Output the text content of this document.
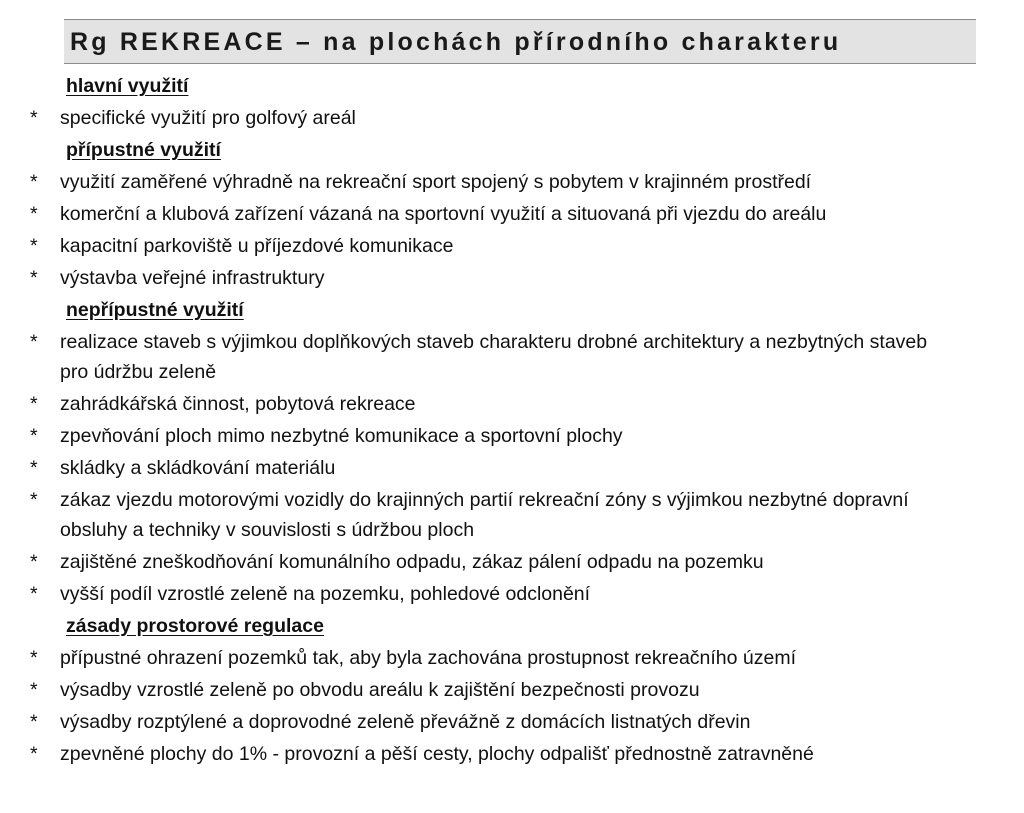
Rg REKREACE – na plochách přírodního charakteru
hlavní využití
* specifické využití pro golfový areál
přípustné využití
* využití zaměřené výhradně na rekreační sport spojený s pobytem v krajinném prostředí
* komerční a klubová zařízení vázaná na sportovní využití a situovaná při vjezdu do areálu
* kapacitní parkoviště u příjezdové komunikace
* výstavba veřejné infrastruktury
nepřípustné využití
* realizace staveb s výjimkou doplňkových staveb charakteru drobné architektury a nezbytných staveb pro údržbu zeleně
* zahrádkářská činnost, pobytová rekreace
* zpevňování ploch mimo nezbytné komunikace a sportovní plochy
* skládky a skládkování materiálu
* zákaz vjezdu motorovými vozidly do krajinných partií rekreační zóny s výjimkou nezbytné dopravní obsluhy a techniky v souvislosti s údržbou ploch
* zajištěné zneškodňování komunálního odpadu, zákaz pálení odpadu na pozemku
* vyšší podíl vzrostlé zeleně na pozemku, pohledové odclonění
zásady prostorové regulace
* přípustné ohrazení pozemků tak, aby byla zachována prostupnost rekreačního území
* výsadby vzrostlé zeleně po obvodu areálu k zajištění bezpečnosti provozu
* výsadby rozptýlené a doprovodné zeleně převážně z domácích listnatých dřevin
* zpevněné plochy do 1% - provozní a pěší cesty, plochy odpališť přednostně zatravněné
